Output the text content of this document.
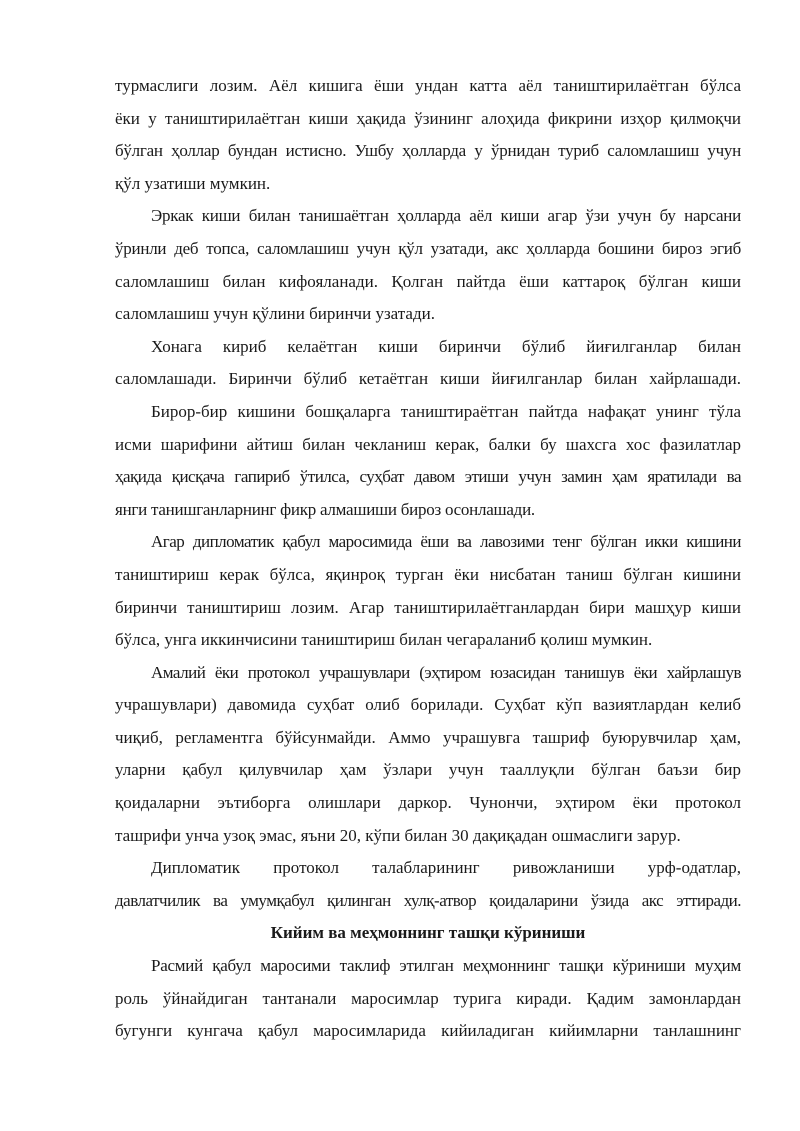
турмаслиги лозим. Аёл кишига ёши ундан катта аёл таништирилаётган бўлса
ёки у таништирилаётган киши ҳақида ўзининг алоҳида фикрини изҳор қилмоқчи
бўлган ҳоллар бундан истисно. Ушбу ҳолларда у ўрнидан туриб саломлашиш учун
қўл узатиши мумкин.
Эркак киши билан танишаётган ҳолларда аёл киши агар ўзи учун бу нарсани
ўринли деб топса, саломлашиш учун қўл узатади, акс ҳолларда бошини бироз эгиб
саломлашиш билан кифояланади. Қолган пайтда ёши каттароқ бўлган киши
саломлашиш учун қўлини биринчи узатади.
Хонага кириб келаётган киши биринчи бўлиб йиғилганлар билан
саломлашади. Биринчи бўлиб кетаётган киши йиғилганлар билан хайрлашади.
Бирор-бир кишини бошқаларга таништираётган пайтда нафақат унинг тўла
исми шарифини айтиш билан чекланиш керак, балки бу шахсга хос фазилатлар
ҳақида қисқача гапириб ўтилса, суҳбат давом этиши учун замин ҳам яратилади ва
янги танишганларнинг фикр алмашиши бироз осонлашади.
Агар дипломатик қабул маросимида ёши ва лавозими тенг бўлган икки кишини
таништириш керак бўлса, яқинроқ турган ёки нисбатан таниш бўлган кишини
биринчи таништириш лозим. Агар таништирилаётганлардан бири машҳур киши
бўлса, унга иккинчисини таништириш билан чегараланиб қолиш мумкин.
Амалий ёки протокол учрашувлари (эҳтиром юзасидан танишув ёки хайрлашув
учрашувлари) давомида суҳбат олиб борилади. Суҳбат кўп вазиятлардан келиб
чиқиб, регламентга бўйсунмайди. Аммо учрашувга ташриф буюрувчилар ҳам,
уларни қабул қилувчилар ҳам ўзлари учун тааллуқли бўлган баъзи бир
қоидаларни эътиборга олишлари даркор. Чунончи, эҳтиром ёки протокол
ташрифи унча узоқ эмас, яъни 20, кўпи билан 30 дақиқадан ошмаслиги зарур.
Дипломатик протокол талабларининг ривожланиши урф-одатлар,
давлатчилик ва умумқабул қилинган хулқ-атвор қоидаларини ўзида акс эттиради.
Кийим ва меҳмоннинг ташқи кўриниши
Расмий қабул маросими таклиф этилган меҳмоннинг ташқи кўриниши муҳим
роль ўйнайдиган тантанали маросимлар турига киради. Қадим замонлардан
бугунги кунгача қабул маросимларида кийиладиган кийимларни танлашнинг
